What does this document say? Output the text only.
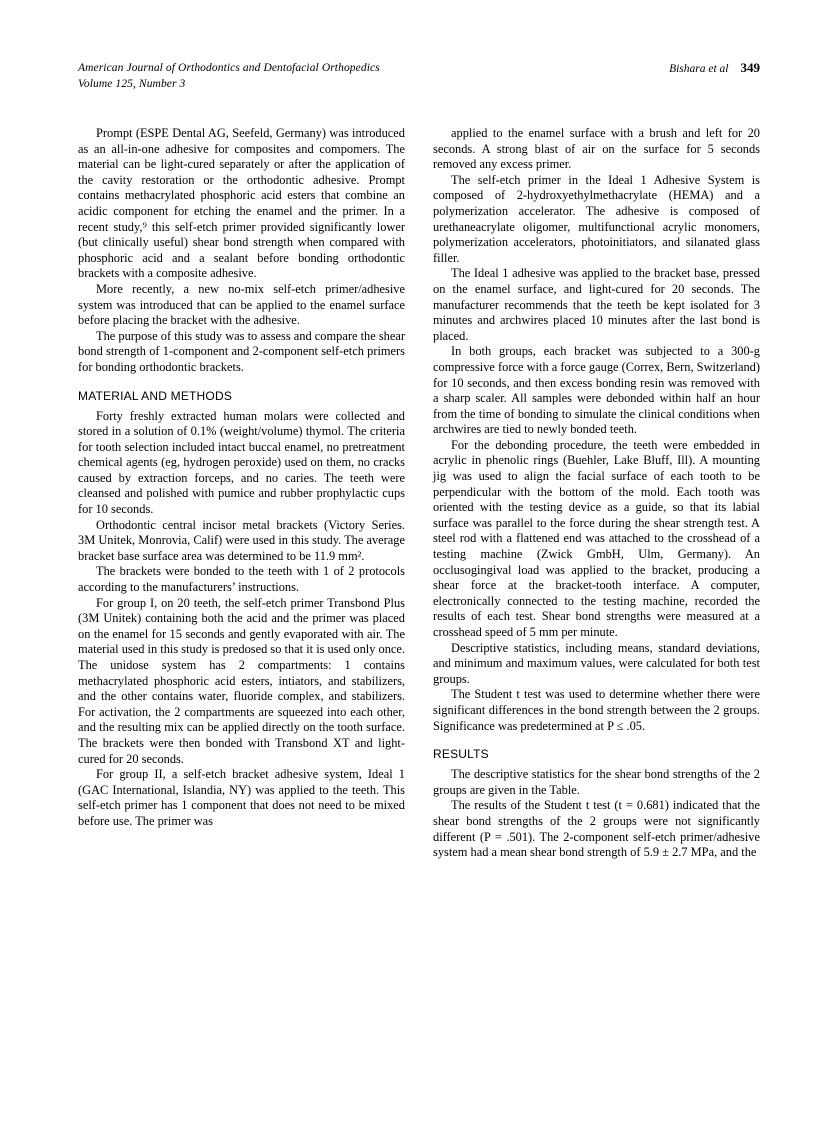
American Journal of Orthodontics and Dentofacial Orthopedics
Volume 125, Number 3
Bishara et al 349

Prompt (ESPE Dental AG, Seefeld, Germany) was introduced as an all-in-one adhesive for composites and compomers. The material can be light-cured separately or after the application of the cavity restoration or the orthodontic adhesive. Prompt contains methacrylated phosphoric acid esters that combine an acidic component for etching the enamel and the primer. In a recent study,⁹ this self-etch primer provided significantly lower (but clinically useful) shear bond strength when compared with phosphoric acid and a sealant before bonding orthodontic brackets with a composite adhesive.

More recently, a new no-mix self-etch primer/adhesive system was introduced that can be applied to the enamel surface before placing the bracket with the adhesive.

The purpose of this study was to assess and compare the shear bond strength of 1-component and 2-component self-etch primers for bonding orthodontic brackets.

MATERIAL AND METHODS

Forty freshly extracted human molars were collected and stored in a solution of 0.1% (weight/volume) thymol. The criteria for tooth selection included intact buccal enamel, no pretreatment chemical agents (eg, hydrogen peroxide) used on them, no cracks caused by extraction forceps, and no caries. The teeth were cleansed and polished with pumice and rubber prophylactic cups for 10 seconds.

Orthodontic central incisor metal brackets (Victory Series. 3M Unitek, Monrovia, Calif) were used in this study. The average bracket base surface area was determined to be 11.9 mm².

The brackets were bonded to the teeth with 1 of 2 protocols according to the manufacturers’ instructions.

For group I, on 20 teeth, the self-etch primer Transbond Plus (3M Unitek) containing both the acid and the primer was placed on the enamel for 15 seconds and gently evaporated with air. The material used in this study is predosed so that it is used only once. The unidose system has 2 compartments: 1 contains methacrylated phosphoric acid esters, intiators, and stabilizers, and the other contains water, fluoride complex, and stabilizers. For activation, the 2 compartments are squeezed into each other, and the resulting mix can be applied directly on the tooth surface. The brackets were then bonded with Transbond XT and light-cured for 20 seconds.

For group II, a self-etch bracket adhesive system, Ideal 1 (GAC International, Islandia, NY) was applied to the teeth. This self-etch primer has 1 component that does not need to be mixed before use. The primer was

applied to the enamel surface with a brush and left for 20 seconds. A strong blast of air on the surface for 5 seconds removed any excess primer.

The self-etch primer in the Ideal 1 Adhesive System is composed of 2-hydroxyethylmethacrylate (HEMA) and a polymerization accelerator. The adhesive is composed of urethaneacrylate oligomer, multifunctional acrylic monomers, polymerization accelerators, photoinitiators, and silanated glass filler.

The Ideal 1 adhesive was applied to the bracket base, pressed on the enamel surface, and light-cured for 20 seconds. The manufacturer recommends that the teeth be kept isolated for 3 minutes and archwires placed 10 minutes after the last bond is placed.

In both groups, each bracket was subjected to a 300-g compressive force with a force gauge (Correx, Bern, Switzerland) for 10 seconds, and then excess bonding resin was removed with a sharp scaler. All samples were debonded within half an hour from the time of bonding to simulate the clinical conditions when archwires are tied to newly bonded teeth.

For the debonding procedure, the teeth were embedded in acrylic in phenolic rings (Buehler, Lake Bluff, Ill). A mounting jig was used to align the facial surface of each tooth to be perpendicular with the bottom of the mold. Each tooth was oriented with the testing device as a guide, so that its labial surface was parallel to the force during the shear strength test. A steel rod with a flattened end was attached to the crosshead of a testing machine (Zwick GmbH, Ulm, Germany). An occlusogingival load was applied to the bracket, producing a shear force at the bracket-tooth interface. A computer, electronically connected to the testing machine, recorded the results of each test. Shear bond strengths were measured at a crosshead speed of 5 mm per minute.

Descriptive statistics, including means, standard deviations, and minimum and maximum values, were calculated for both test groups.

The Student t test was used to determine whether there were significant differences in the bond strength between the 2 groups. Significance was predetermined at P ≤ .05.

RESULTS

The descriptive statistics for the shear bond strengths of the 2 groups are given in the Table.

The results of the Student t test (t = 0.681) indicated that the shear bond strengths of the 2 groups were not significantly different (P = .501). The 2-component self-etch primer/adhesive system had a mean shear bond strength of 5.9 ± 2.7 MPa, and the
